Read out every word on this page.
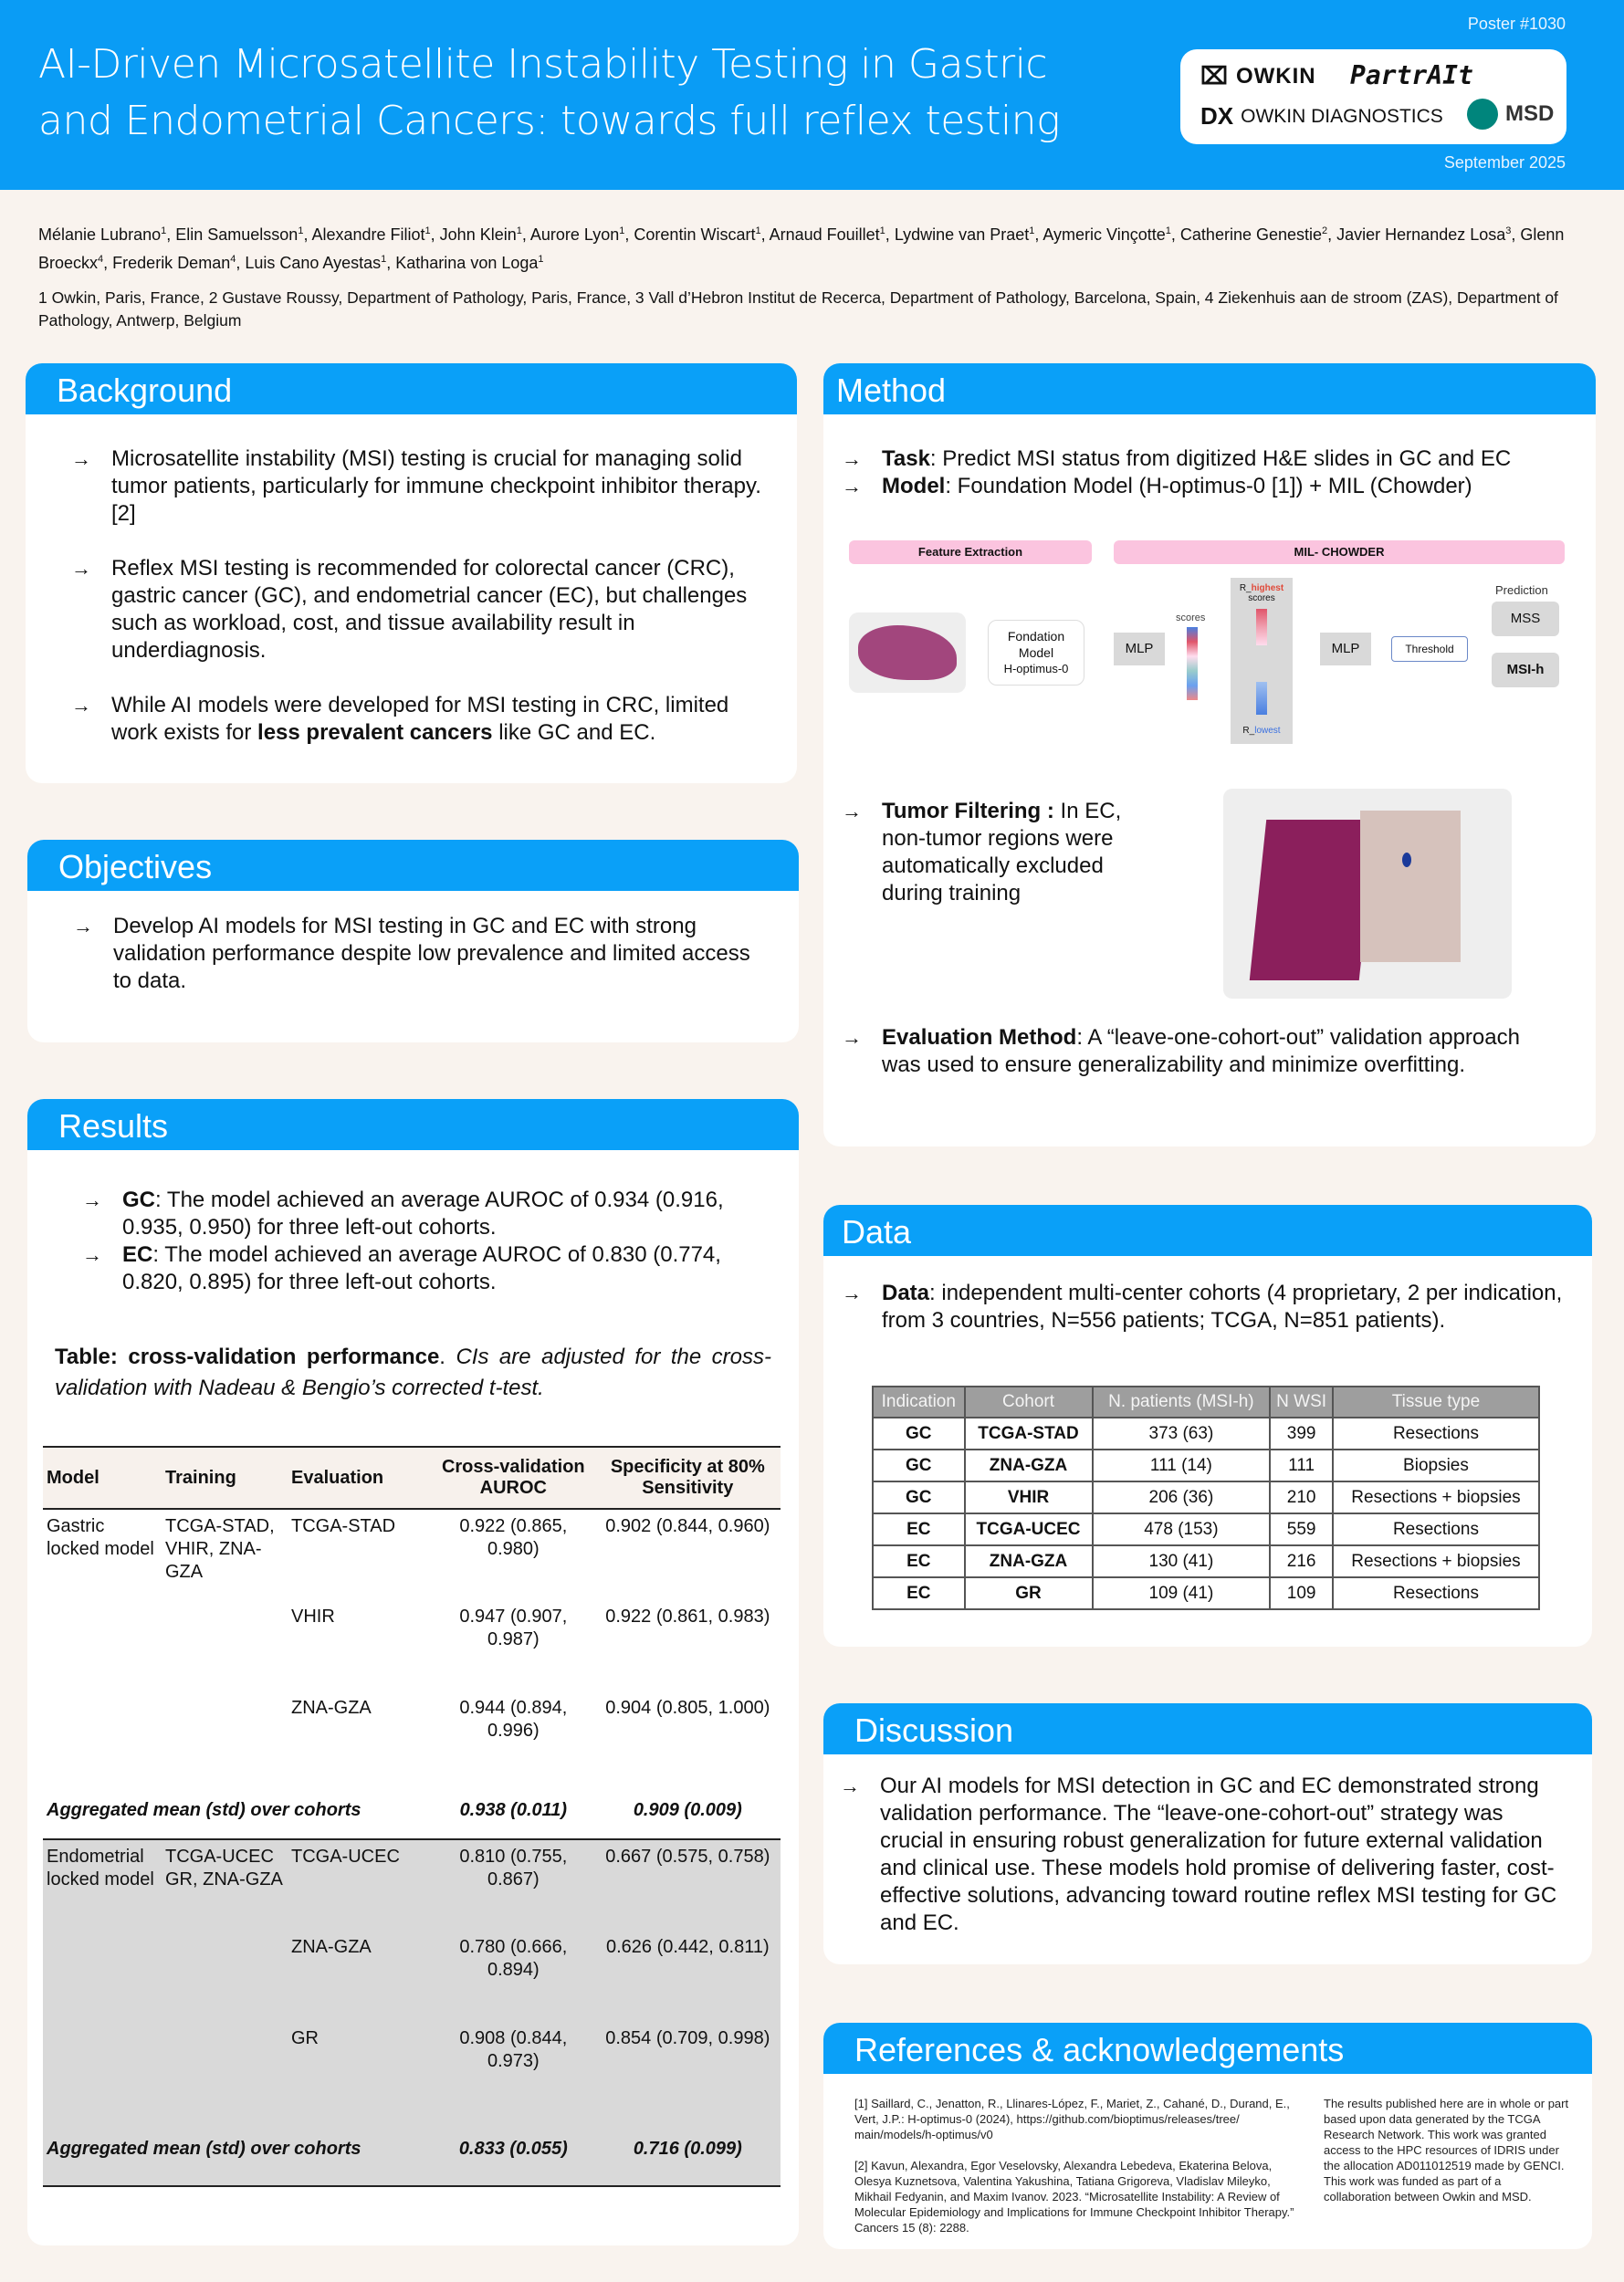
Poster #1030
AI-Driven Microsatellite Instability Testing in Gastric
and Endometrial Cancers: towards full reflex testing
⌧ OWKIN PartrAIt
DX OWKIN DIAGNOSTICS	MSD
September 2025
Mélanie Lubrano$^1$, Elin Samuelsson$^1$, Alexandre Filiot$^1$, John Klein$^1$, Aurore Lyon$^1$, Corentin Wiscart$^1$, Arnaud Fouillet$^1$, Lydwine van Praet$^1$, Aymeric Vinçotte$^1$, Catherine Genestie$^2$, Javier Hernandez Losa$^3$, Glenn Broeckx$^4$, Frederik Deman$^4$, Luis Cano Ayestas$^1$, Katharina von Loga$^1$
1 Owkin, Paris, France, 2 Gustave Roussy, Department of Pathology, Paris, France, 3 Vall d’Hebron Institut de Recerca, Department of Pathology, Barcelona, Spain, 4 Ziekenhuis aan de stroom (ZAS), Department of Pathology, Antwerp, Belgium
Background
→ Microsatellite instability (MSI) testing is crucial for managing solid tumor patients, particularly for immune checkpoint inhibitor therapy. [2]
→ Reflex MSI testing is recommended for colorectal cancer (CRC), gastric cancer (GC), and endometrial cancer (EC), but challenges such as workload, cost, and tissue availability result in underdiagnosis.
→ While AI models were developed for MSI testing in CRC, limited work exists for less prevalent cancers like GC and EC.
Objectives
→ Develop AI models for MSI testing in GC and EC with strong validation performance despite low prevalence and limited access to data.
Results
→ GC: The model achieved an average AUROC of 0.934 (0.916, 0.935, 0.950) for three left-out cohorts.
→ EC: The model achieved an average AUROC of 0.830 (0.774, 0.820, 0.895) for three left-out cohorts.
Table: cross-validation performance. CIs are adjusted for the cross-validation with Nadeau & Bengio’s corrected t-test.
Model	Training	Evaluation	Cross-validation AUROC	Specificity at 80% Sensitivity
Gastric locked model	TCGA-STAD, VHIR, ZNA-GZA	TCGA-STAD	0.922 (0.865, 0.980)	0.902 (0.844, 0.960)
		VHIR	0.947 (0.907, 0.987)	0.922 (0.861, 0.983)
		ZNA-GZA	0.944 (0.894, 0.996)	0.904 (0.805, 1.000)
Aggregated mean (std) over cohorts			0.938 (0.011)	0.909 (0.009)
Endometrial locked model	TCGA-UCEC GR, ZNA-GZA	TCGA-UCEC	0.810 (0.755, 0.867)	0.667 (0.575, 0.758)
		ZNA-GZA	0.780 (0.666, 0.894)	0.626 (0.442, 0.811)
		GR	0.908 (0.844, 0.973)	0.854 (0.709, 0.998)
Aggregated mean (std) over cohorts			0.833 (0.055)	0.716 (0.099)
Method
→ Task: Predict MSI status from digitized H&E slides in GC and EC
→ Model: Foundation Model (H-optimus-0 [1]) + MIL (Chowder)
Feature Extraction	MIL- CHOWDER
Fondation
Model
H-optimus-0
MLP
scores
R_highest
scores
R_lowest
MLP	Threshold
Prediction
MSS
MSI-h
→ Tumor Filtering : In EC, non-tumor regions were automatically excluded during training
→ Evaluation Method: A “leave-one-cohort-out” validation approach was used to ensure generalizability and minimize overfitting.
Data
→ Data: independent multi-center cohorts (4 proprietary, 2 per indication, from 3 countries, N=556 patients; TCGA, N=851 patients).
Indication	Cohort	N. patients (MSI-h)	N WSI	Tissue type
GC	TCGA-STAD	373 (63)	399	Resections
GC	ZNA-GZA	111 (14)	111	Biopsies
GC	VHIR	206 (36)	210	Resections + biopsies
EC	TCGA-UCEC	478 (153)	559	Resections
EC	ZNA-GZA	130 (41)	216	Resections + biopsies
EC	GR	109 (41)	109	Resections
Discussion
→ Our AI models for MSI detection in GC and EC demonstrated strong validation performance. The “leave-one-cohort-out” strategy was crucial in ensuring robust generalization for future external validation and clinical use. These models hold promise of delivering faster, cost-effective solutions, advancing toward routine reflex MSI testing for GC and EC.
References & acknowledgements
[1] Saillard, C., Jenatton, R., Llinares-López, F., Mariet, Z., Cahané, D., Durand, E., Vert, J.P.: H-optimus-0 (2024), https://github.com/bioptimus/releases/tree/ main/models/h-optimus/v0
[2] Kavun, Alexandra, Egor Veselovsky, Alexandra Lebedeva, Ekaterina Belova, Olesya Kuznetsova, Valentina Yakushina, Tatiana Grigoreva, Vladislav Mileyko, Mikhail Fedyanin, and Maxim Ivanov. 2023. “Microsatellite Instability: A Review of Molecular Epidemiology and Implications for Immune Checkpoint Inhibitor Therapy.” Cancers 15 (8): 2288.
The results published here are in whole or part based upon data generated by the TCGA Research Network. This work was granted access to the HPC resources of IDRIS under the allocation AD011012519 made by GENCI. This work was funded as part of a collaboration between Owkin and MSD.
